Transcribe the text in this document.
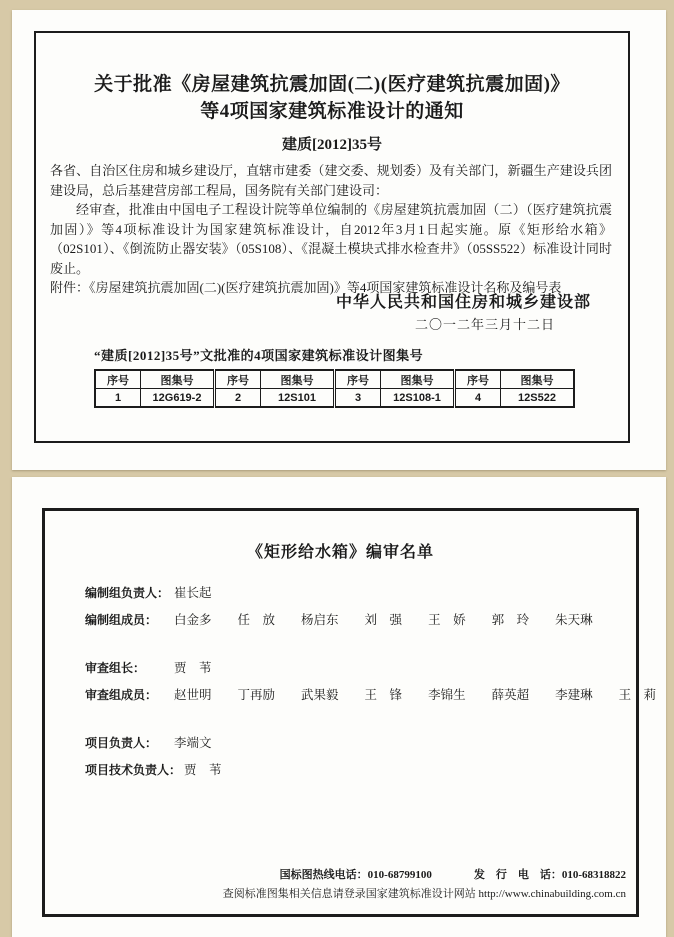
关于批准《房屋建筑抗震加固(二)(医疗建筑抗震加固)》
等4项国家建筑标准设计的通知
建质[2012]35号

各省、自治区住房和城乡建设厅，直辖市建委（建交委、规划委）及有关部门，新疆生产建设兵团建设局，总后基建营房部工程局，国务院有关部门建设司：

经审查，批准由中国电子工程设计院等单位编制的《房屋建筑抗震加固（二）（医疗建筑抗震加固）》等4项标准设计为国家建筑标准设计，自2012年3月1日起实施。原《矩形给水箱》（02S101）、《倒流防止器安装》（05S108）、《混凝土模块式排水检查井》（05SS522）标准设计同时废止。

附件：《房屋建筑抗震加固(二)(医疗建筑抗震加固)》等4项国家建筑标准设计名称及编号表

中华人民共和国住房和城乡建设部
二〇一二年三月十二日
“建质[2012]35号”文批准的4项国家建筑标准设计图集号
序号	图集号	序号	图集号	序号	图集号	序号	图集号
1	12G619-2	2	12S101	3	12S108-1	4	12S522
《矩形给水箱》编审名单
编制组负责人： 崔长起
编制组成员： 白金多 任　放 杨启东 刘　强 王　娇 郭　玲 朱天琳
审查组长： 贾　苇
审查组成员： 赵世明 丁再励 武果毅 王　锋 李锦生 薛英超 李建琳 王　莉
项目负责人： 李端文
项目技术负责人： 贾　苇
国标图热线电话：010-68799100	发　行　电　话：010-68318822
查阅标准图集相关信息请登录国家建筑标准设计网站 http://www.chinabuilding.com.cn
